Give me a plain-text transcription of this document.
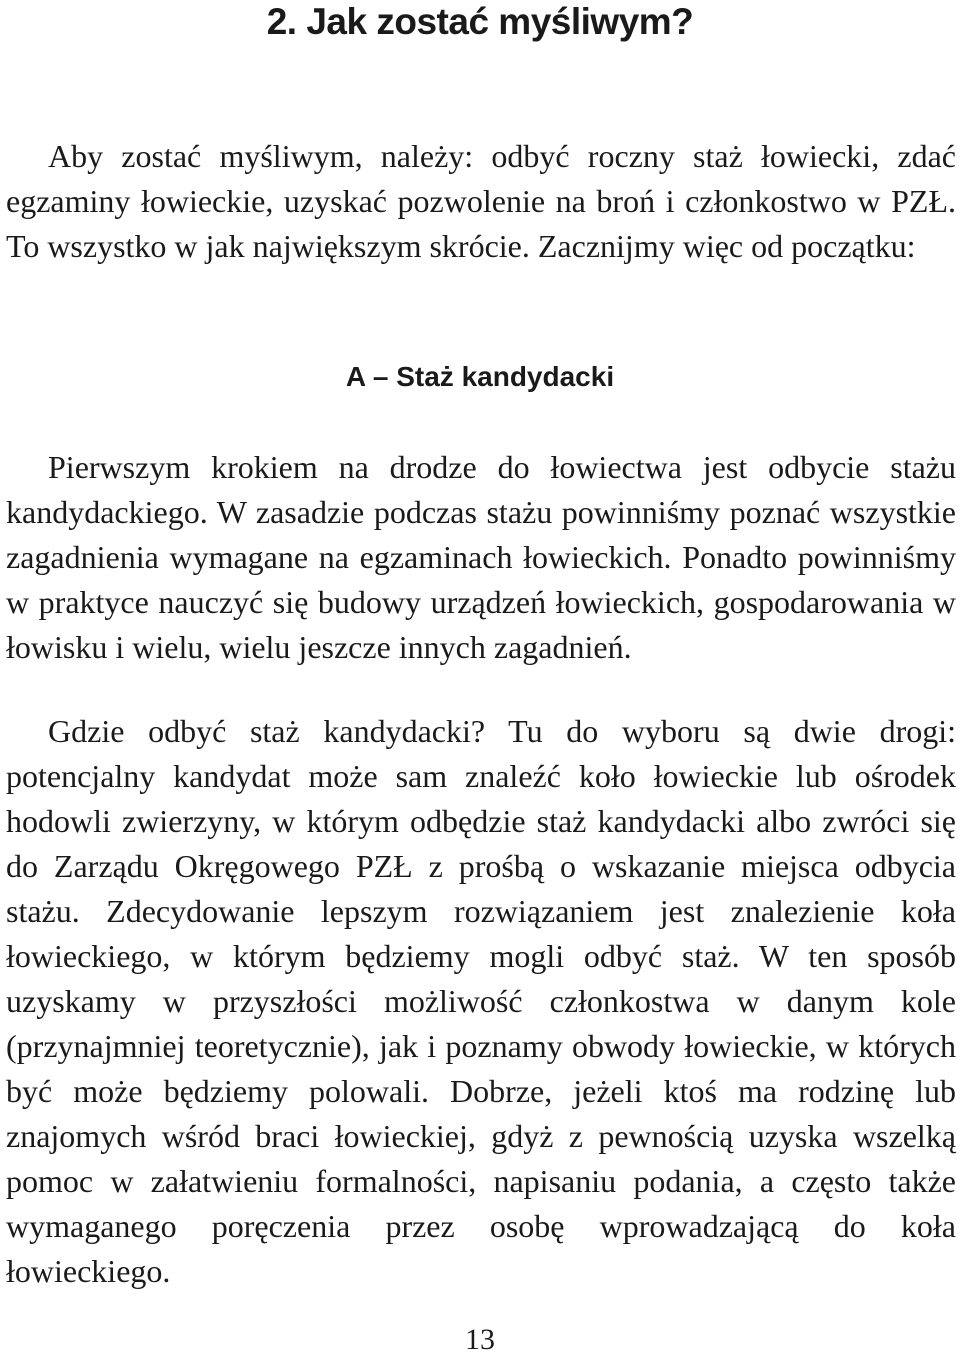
2. Jak zostać myśliwym?

Aby zostać myśliwym, należy: odbyć roczny staż łowiecki, zdać egzaminy łowieckie, uzyskać pozwolenie na broń i członkostwo w PZŁ. To wszystko w jak największym skrócie. Zacznijmy więc od początku:

A – Staż kandydacki

Pierwszym krokiem na drodze do łowiectwa jest odbycie stażu kandydackiego. W zasadzie podczas stażu powinniśmy poznać wszystkie zagadnienia wymagane na egzaminach łowieckich. Ponadto powinniśmy w praktyce nauczyć się budowy urządzeń łowieckich, gospodarowania w łowisku i wielu, wielu jeszcze innych zagadnień.

Gdzie odbyć staż kandydacki? Tu do wyboru są dwie drogi: potencjalny kandydat może sam znaleźć koło łowieckie lub ośrodek hodowli zwierzyny, w którym odbędzie staż kandydacki albo zwróci się do Zarządu Okręgowego PZŁ z prośbą o wskazanie miejsca odbycia stażu. Zdecydowanie lepszym rozwiązaniem jest znalezienie koła łowieckiego, w którym będziemy mogli odbyć staż. W ten sposób uzyskamy w przyszłości możliwość członkostwa w danym kole (przynajmniej teoretycznie), jak i poznamy obwody łowieckie, w których być może będziemy polowali. Dobrze, jeżeli ktoś ma rodzinę lub znajomych wśród braci łowieckiej, gdyż z pewnością uzyska wszelką pomoc w załatwieniu formalności, napisaniu podania, a często także wymaganego poręczenia przez osobę wprowadzającą do koła łowieckiego.

13
